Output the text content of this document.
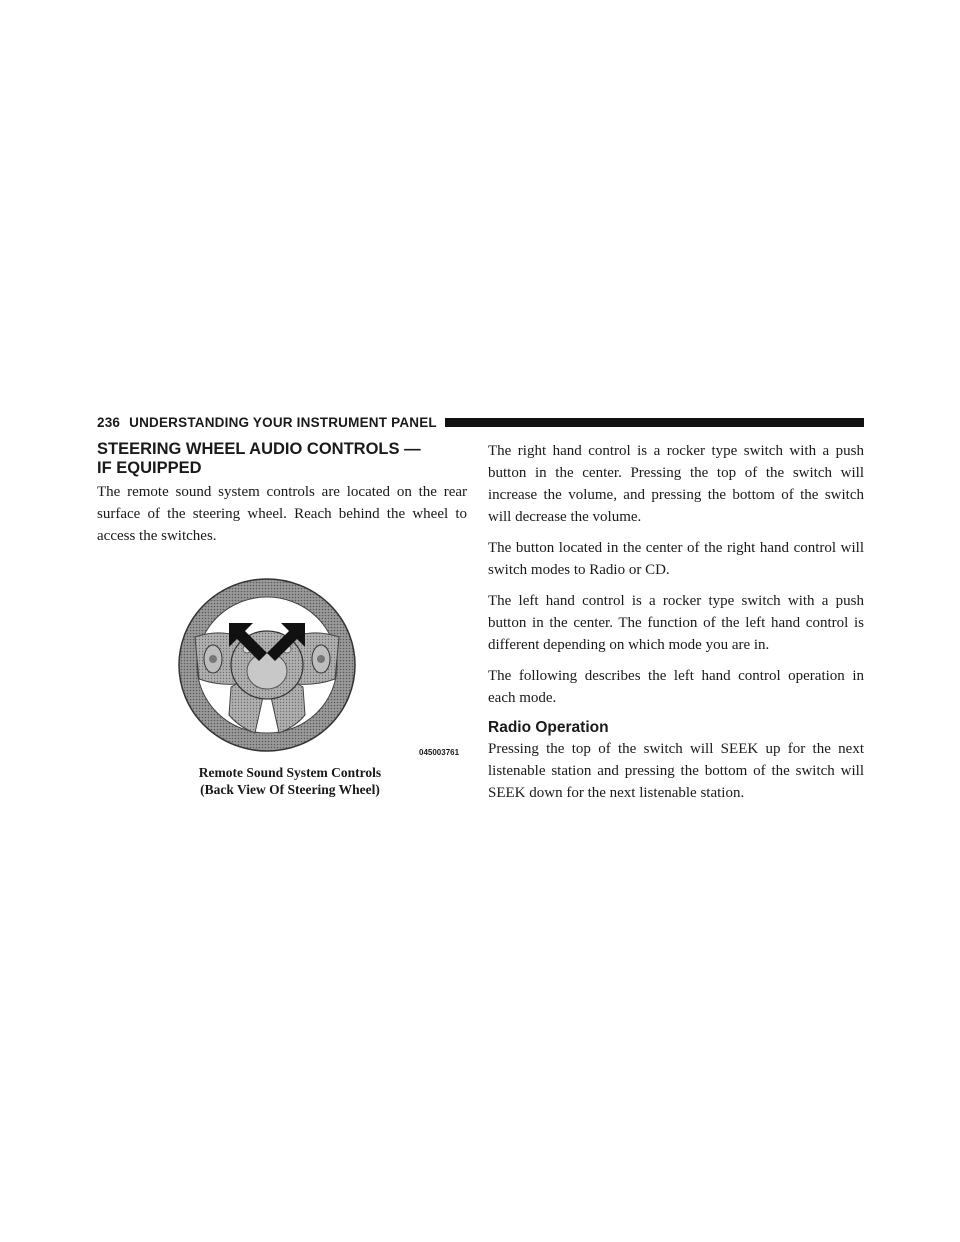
236 UNDERSTANDING YOUR INSTRUMENT PANEL
STEERING WHEEL AUDIO CONTROLS —
IF EQUIPPED

The remote sound system controls are located on the rear surface of the steering wheel. Reach behind the wheel to access the switches.

045003761
Remote Sound System Controls
(Back View Of Steering Wheel)

The right hand control is a rocker type switch with a push button in the center. Pressing the top of the switch will increase the volume, and pressing the bottom of the switch will decrease the volume.

The button located in the center of the right hand control will switch modes to Radio or CD.

The left hand control is a rocker type switch with a push button in the center. The function of the left hand control is different depending on which mode you are in.

The following describes the left hand control operation in each mode.

Radio Operation

Pressing the top of the switch will SEEK up for the next listenable station and pressing the bottom of the switch will SEEK down for the next listenable station.
